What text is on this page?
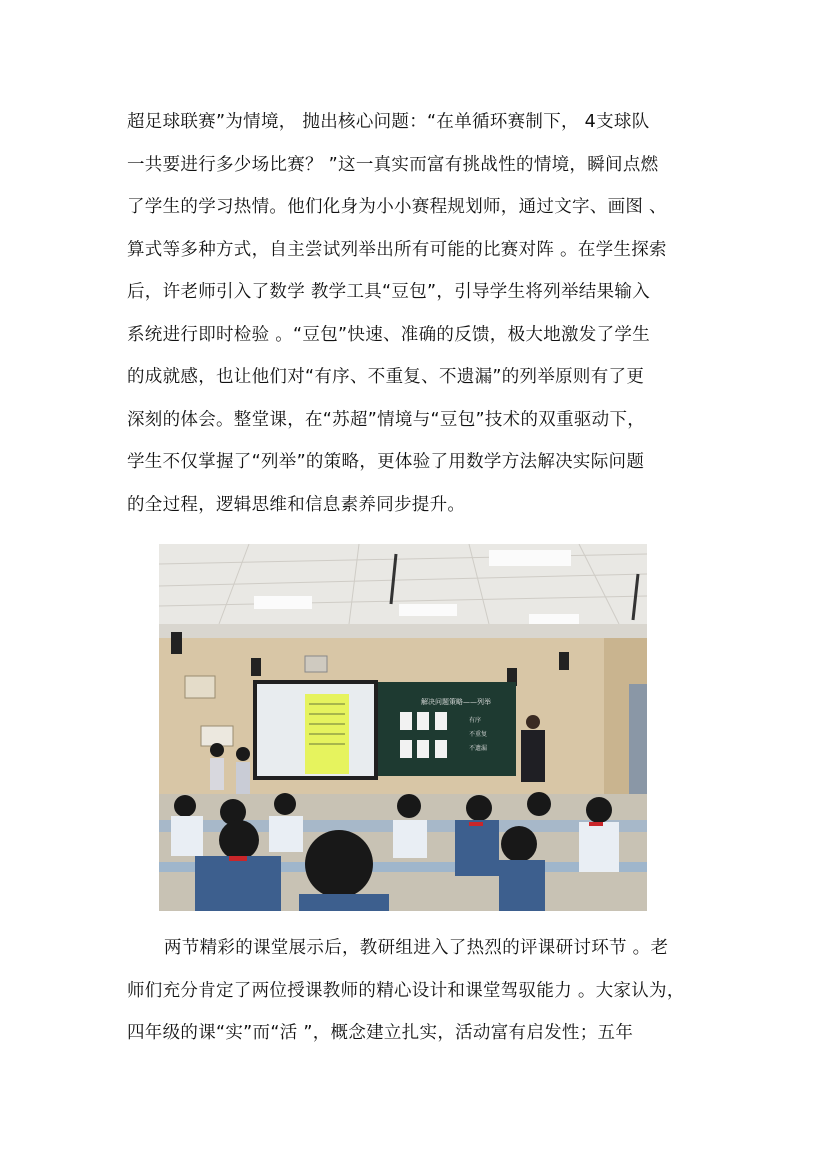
超足球联赛”为情境， 抛出核心问题：“在单循环赛制下， 4支球队
一共要进行多少场比赛？ ”这一真实而富有挑战性的情境，瞬间点燃
了学生的学习热情。他们化身为小小赛程规划师，通过文字、画图 、
算式等多种方式，自主尝试列举出所有可能的比赛对阵 。在学生探索
后，许老师引入了数学 教学工具“豆包”，引导学生将列举结果输入
系统进行即时检验 。“豆包”快速、准确的反馈，极大地激发了学生
的成就感，也让他们对“有序、不重复、不遗漏”的列举原则有了更
深刻的体会。整堂课，在“苏超”情境与“豆包”技术的双重驱动下，
学生不仅掌握了“列举”的策略，更体验了用数学方法解决实际问题
的全过程，逻辑思维和信息素养同步提升。
解决问题策略——列举
有序
不重复
不遗漏
两节精彩的课堂展示后，教研组进入了热烈的评课研讨环节 。老
师们充分肯定了两位授课教师的精心设计和课堂驾驭能力 。大家认为，
四年级的课“实”而“活 ”，概念建立扎实，活动富有启发性；五年
